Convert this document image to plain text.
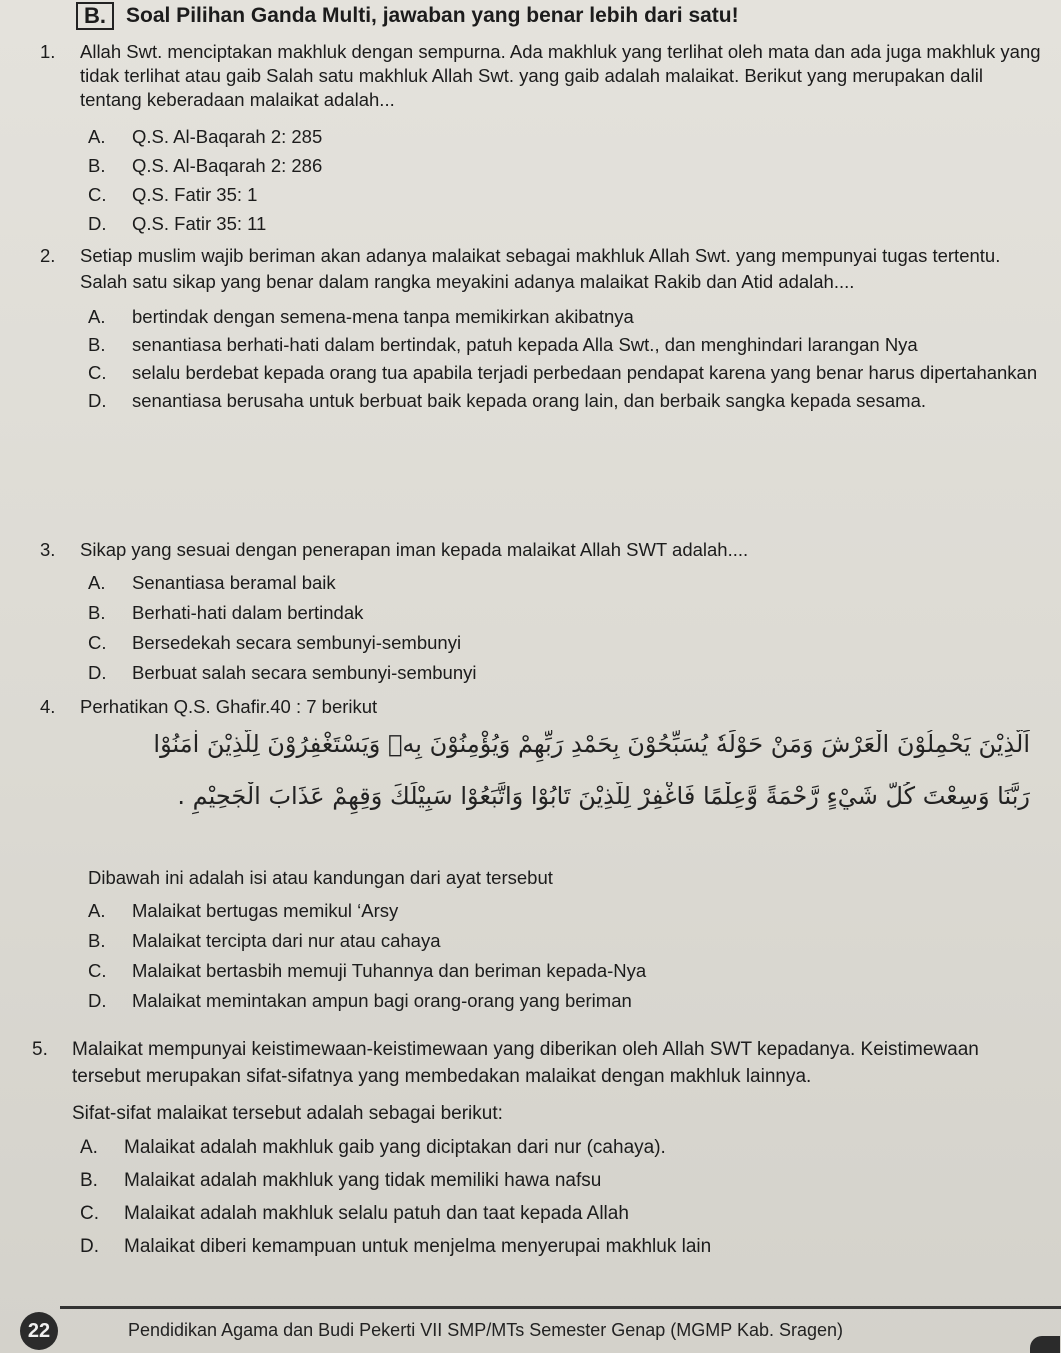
B. Soal Pilihan Ganda Multi, jawaban yang benar lebih dari satu!
1.	Allah Swt. menciptakan makhluk dengan sempurna. Ada makhluk yang terlihat oleh mata dan ada juga makhluk yang tidak terlihat atau gaib Salah satu makhluk Allah Swt. yang gaib adalah malaikat. Berikut yang merupakan dalil tentang keberadaan malaikat adalah...
A. Q.S. Al-Baqarah 2: 285
B. Q.S. Al-Baqarah 2: 286
C. Q.S. Fatir 35: 1
D. Q.S. Fatir 35: 11
2.	Setiap muslim wajib beriman akan adanya malaikat sebagai makhluk Allah Swt. yang mempunyai tugas tertentu. Salah satu sikap yang benar dalam rangka meyakini adanya malaikat Rakib dan Atid adalah....
A. bertindak dengan semena-mena tanpa memikirkan akibatnya
B. senantiasa berhati-hati dalam bertindak, patuh kepada Alla Swt., dan menghindari larangan Nya
C. selalu berdebat kepada orang tua apabila terjadi perbedaan pendapat karena yang benar harus dipertahankan
D. senantiasa berusaha untuk berbuat baik kepada orang lain, dan berbaik sangka kepada sesama.
3.	Sikap yang sesuai dengan penerapan iman kepada malaikat Allah SWT adalah....
A. Senantiasa beramal baik
B. Berhati-hati dalam bertindak
C. Bersedekah secara sembunyi-sembunyi
D. Berbuat salah secara sembunyi-sembunyi
4.	Perhatikan Q.S. Ghafir.40 : 7 berikut
اَلَّذِيْنَ يَحْمِلُوْنَ الْعَرْشَ وَمَنْ حَوْلَهٗ يُسَبِّحُوْنَ بِحَمْدِ رَبِّهِمْ وَيُؤْمِنُوْنَ بِهٖ وَيَسْتَغْفِرُوْنَ لِلَّذِيْنَ اٰمَنُوْا
رَبَّنَا وَسِعْتَ كُلَّ شَيْءٍ رَّحْمَةً وَّعِلْمًا فَاغْفِرْ لِلَّذِيْنَ تَابُوْا وَاتَّبَعُوْا سَبِيْلَكَ وَقِهِمْ عَذَابَ الْجَحِيْمِ .
Dibawah ini adalah isi atau kandungan dari ayat tersebut
A. Malaikat bertugas memikul ‘Arsy
B. Malaikat tercipta dari nur atau cahaya
C. Malaikat bertasbih memuji Tuhannya dan beriman kepada-Nya
D. Malaikat memintakan ampun bagi orang-orang yang beriman
5.	Malaikat mempunyai keistimewaan-keistimewaan yang diberikan oleh Allah SWT kepadanya. Keistimewaan tersebut merupakan sifat-sifatnya yang membedakan malaikat dengan makhluk lainnya.
Sifat-sifat malaikat tersebut adalah sebagai berikut:
A. Malaikat adalah makhluk gaib yang diciptakan dari nur (cahaya).
B. Malaikat adalah makhluk yang tidak memiliki hawa nafsu
C. Malaikat adalah makhluk selalu patuh dan taat kepada Allah
D. Malaikat diberi kemampuan untuk menjelma menyerupai makhluk lain
22	Pendidikan Agama dan Budi Pekerti VII SMP/MTs Semester Genap (MGMP Kab. Sragen)
